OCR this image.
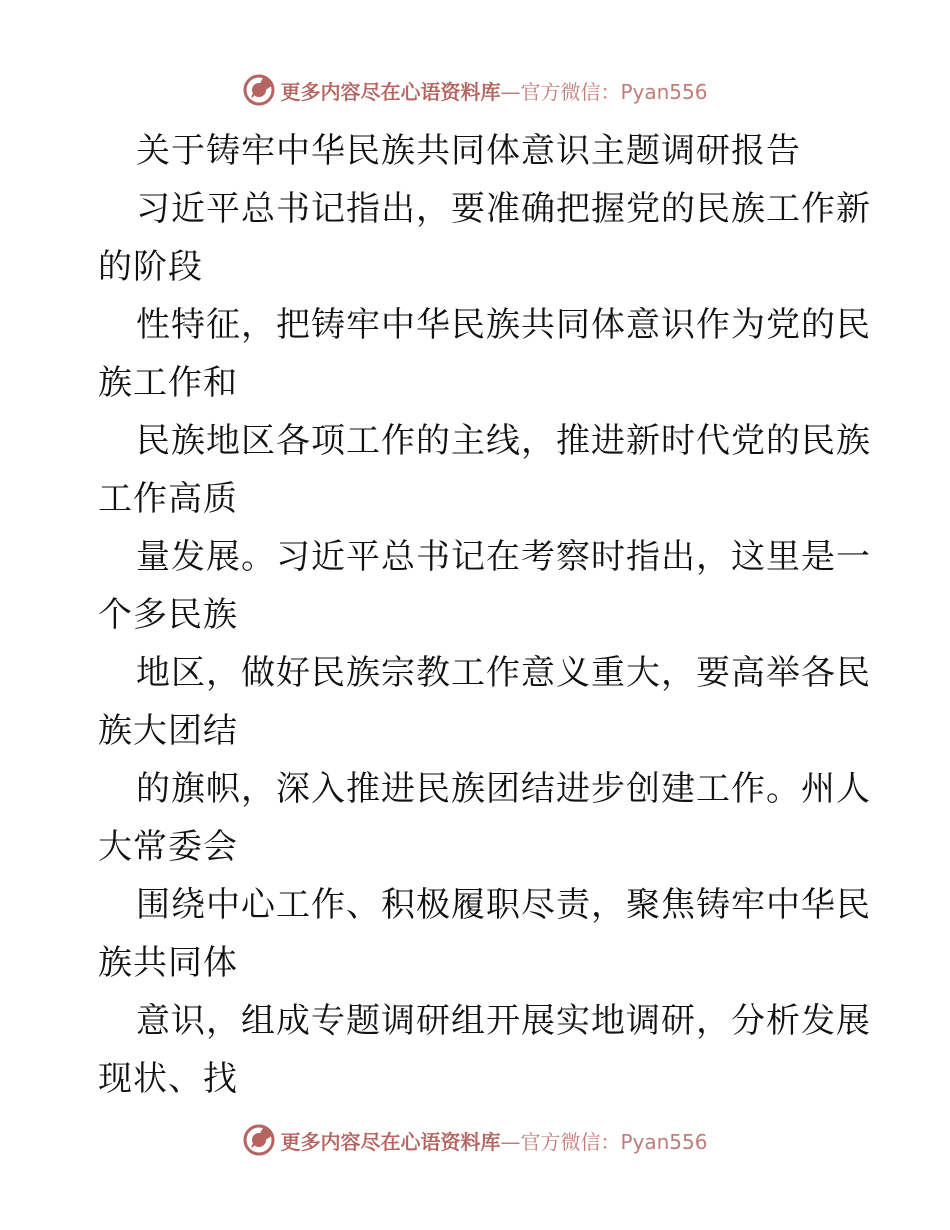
更多内容尽在心语资料库—官方微信：Pyan556
关于铸牢中华民族共同体意识主题调研报告
习近平总书记指出，要准确把握党的民族工作新
的阶段
性特征，把铸牢中华民族共同体意识作为党的民
族工作和
民族地区各项工作的主线，推进新时代党的民族
工作高质
量发展。习近平总书记在考察时指出，这里是一
个多民族
地区，做好民族宗教工作意义重大，要高举各民
族大团结
的旗帜，深入推进民族团结进步创建工作。州人
大常委会
围绕中心工作、积极履职尽责，聚焦铸牢中华民
族共同体
意识，组成专题调研组开展实地调研，分析发展
现状、找
更多内容尽在心语资料库—官方微信：Pyan556
